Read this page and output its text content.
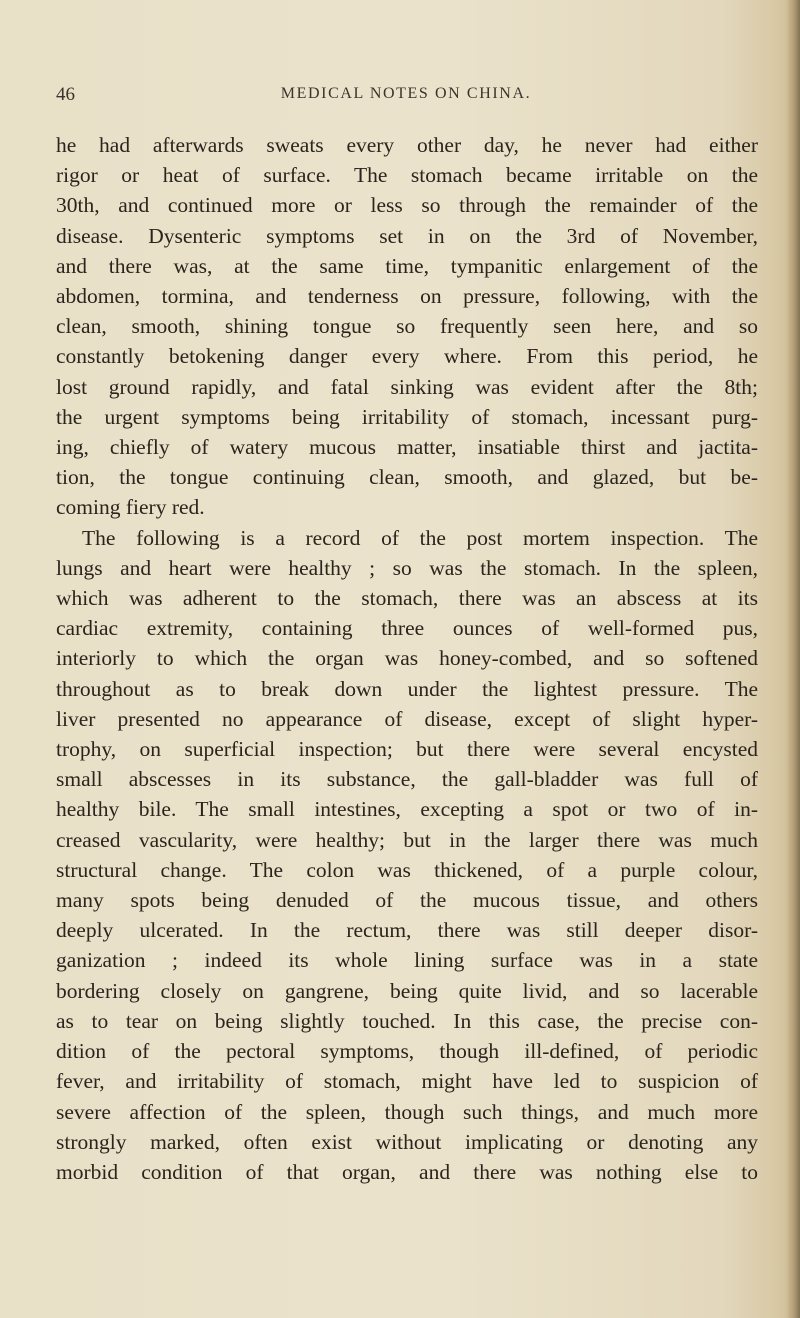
46	MEDICAL NOTES ON CHINA.
he had afterwards sweats every other day, he never had either
rigor or heat of surface. The stomach became irritable on the
30th, and continued more or less so through the remainder of the
disease. Dysenteric symptoms set in on the 3rd of November,
and there was, at the same time, tympanitic enlargement of the
abdomen, tormina, and tenderness on pressure, following, with the
clean, smooth, shining tongue so frequently seen here, and so
constantly betokening danger every where. From this period, he
lost ground rapidly, and fatal sinking was evident after the 8th;
the urgent symptoms being irritability of stomach, incessant purg-
ing, chiefly of watery mucous matter, insatiable thirst and jactita-
tion, the tongue continuing clean, smooth, and glazed, but be-
coming fiery red.
The following is a record of the post mortem inspection. The
lungs and heart were healthy ; so was the stomach. In the spleen,
which was adherent to the stomach, there was an abscess at its
cardiac extremity, containing three ounces of well-formed pus,
interiorly to which the organ was honey-combed, and so softened
throughout as to break down under the lightest pressure. The
liver presented no appearance of disease, except of slight hyper-
trophy, on superficial inspection; but there were several encysted
small abscesses in its substance, the gall-bladder was full of
healthy bile. The small intestines, excepting a spot or two of in-
creased vascularity, were healthy; but in the larger there was much
structural change. The colon was thickened, of a purple colour,
many spots being denuded of the mucous tissue, and others
deeply ulcerated. In the rectum, there was still deeper disor-
ganization ; indeed its whole lining surface was in a state
bordering closely on gangrene, being quite livid, and so lacerable
as to tear on being slightly touched. In this case, the precise con-
dition of the pectoral symptoms, though ill-defined, of periodic
fever, and irritability of stomach, might have led to suspicion of
severe affection of the spleen, though such things, and much more
strongly marked, often exist without implicating or denoting any
morbid condition of that organ, and there was nothing else to
